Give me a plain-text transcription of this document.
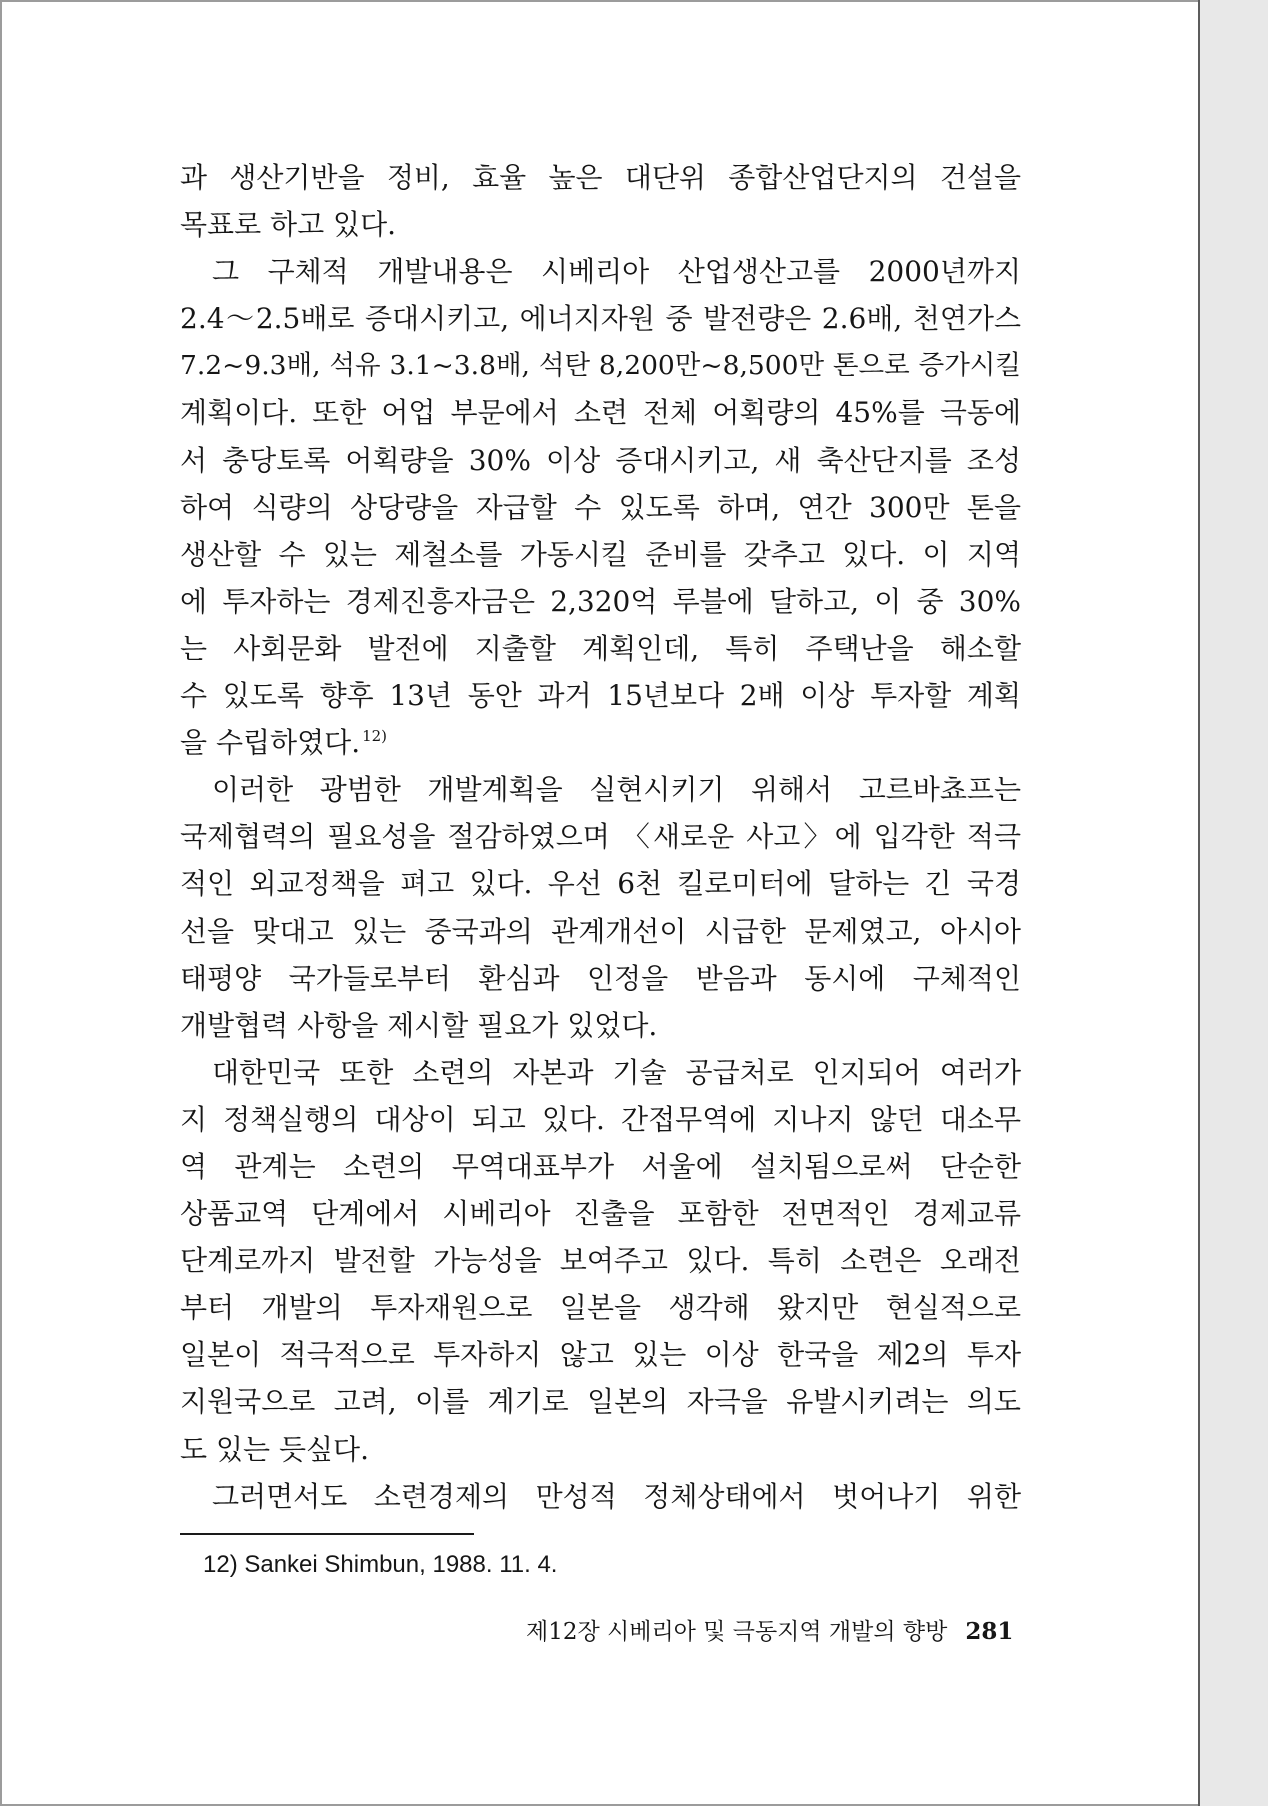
과 생산기반을 정비, 효율 높은 대단위 종합산업단지의 건설을
목표로 하고 있다.
그 구체적 개발내용은 시베리아 산업생산고를 2000년까지
2.4～2.5배로 증대시키고, 에너지자원 중 발전량은 2.6배, 천연가스
7.2~9.3배, 석유 3.1~3.8배, 석탄 8,200만~8,500만 톤으로 증가시킬
계획이다. 또한 어업 부문에서 소련 전체 어획량의 45%를 극동에
서 충당토록 어획량을 30% 이상 증대시키고, 새 축산단지를 조성
하여 식량의 상당량을 자급할 수 있도록 하며, 연간 300만 톤을
생산할 수 있는 제철소를 가동시킬 준비를 갖추고 있다. 이 지역
에 투자하는 경제진흥자금은 2,320억 루블에 달하고, 이 중 30%
는 사회문화 발전에 지출할 계획인데, 특히 주택난을 해소할
수 있도록 향후 13년 동안 과거 15년보다 2배 이상 투자할 계획
을 수립하였다. $^{12)}$
이러한 광범한 개발계획을 실현시키기 위해서 고르바쵸프는
국제협력의 필요성을 절감하였으며 〈새로운 사고〉에 입각한 적극
적인 외교정책을 펴고 있다. 우선 6천 킬로미터에 달하는 긴 국경
선을 맞대고 있는 중국과의 관계개선이 시급한 문제였고, 아시아
태평양 국가들로부터 환심과 인정을 받음과 동시에 구체적인
개발협력 사항을 제시할 필요가 있었다.
대한민국 또한 소련의 자본과 기술 공급처로 인지되어 여러가
지 정책실행의 대상이 되고 있다. 간접무역에 지나지 않던 대소무
역 관계는 소련의 무역대표부가 서울에 설치됨으로써 단순한
상품교역 단계에서 시베리아 진출을 포함한 전면적인 경제교류
단계로까지 발전할 가능성을 보여주고 있다. 특히 소련은 오래전
부터 개발의 투자재원으로 일본을 생각해 왔지만 현실적으로
일본이 적극적으로 투자하지 않고 있는 이상 한국을 제2의 투자
지원국으로 고려, 이를 계기로 일본의 자극을 유발시키려는 의도
도 있는 듯싶다.
그러면서도 소련경제의 만성적 정체상태에서 벗어나기 위한
12) Sankei Shimbun, 1988. 11. 4.
제12장 시베리아 및 극동지역 개발의 향방 281
